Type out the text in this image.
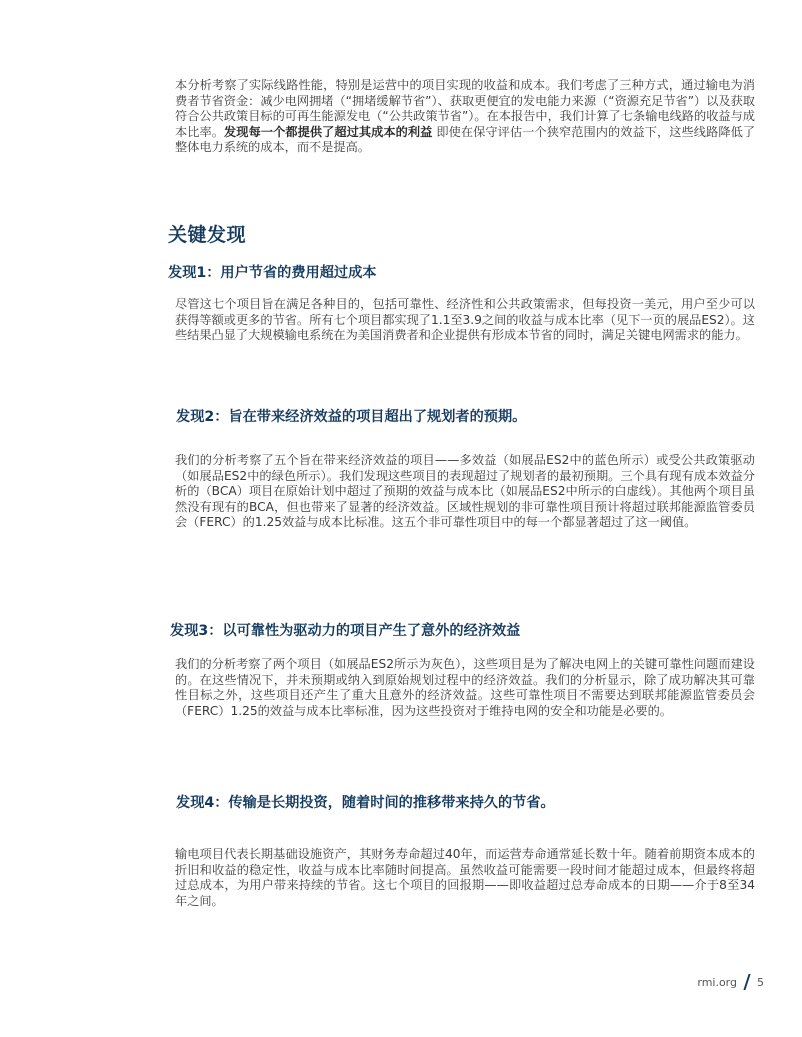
本分析考察了实际线路性能，特别是运营中的项目实现的收益和成本。我们考虑了三种方式，通过输电为消费者节省资金：减少电网拥堵（“拥堵缓解节省”）、获取更便宜的发电能力来源（“资源充足节省”）以及获取符合公共政策目标的可再生能源发电（“公共政策节省”）。在本报告中，我们计算了七条输电线路的收益与成本比率。发现每一个都提供了超过其成本的利益 即使在保守评估一个狭窄范围内的效益下，这些线路降低了整体电力系统的成本，而不是提高。

关键发现
发现1：用户节省的费用超过成本

尽管这七个项目旨在满足各种目的，包括可靠性、经济性和公共政策需求，但每投资一美元，用户至少可以获得等额或更多的节省。所有七个项目都实现了1.1至3.9之间的收益与成本比率（见下一页的展品ES2）。这些结果凸显了大规模输电系统在为美国消费者和企业提供有形成本节省的同时，满足关键电网需求的能力。

发现2：旨在带来经济效益的项目超出了规划者的预期。

我们的分析考察了五个旨在带来经济效益的项目——多效益（如展品ES2中的蓝色所示）或受公共政策驱动（如展品ES2中的绿色所示）。我们发现这些项目的表现超过了规划者的最初预期。三个具有现有成本效益分析的（BCA）项目在原始计划中超过了预期的效益与成本比（如展品ES2中所示的白虚线）。其他两个项目虽然没有现有的BCA，但也带来了显著的经济效益。区域性规划的非可靠性项目预计将超过联邦能源监管委员会（FERC）的1.25效益与成本比标准。这五个非可靠性项目中的每一个都显著超过了这一阈值。

发现3：以可靠性为驱动力的项目产生了意外的经济效益

我们的分析考察了两个项目（如展品ES2所示为灰色），这些项目是为了解决电网上的关键可靠性问题而建设的。在这些情况下，并未预期或纳入到原始规划过程中的经济效益。我们的分析显示，除了成功解决其可靠性目标之外，这些项目还产生了重大且意外的经济效益。这些可靠性项目不需要达到联邦能源监管委员会（FERC）1.25的效益与成本比率标准，因为这些投资对于维持电网的安全和功能是必要的。

发现4：传输是长期投资，随着时间的推移带来持久的节省。

输电项目代表长期基础设施资产，其财务寿命超过40年，而运营寿命通常延长数十年。随着前期资本成本的折旧和收益的稳定性，收益与成本比率随时间提高。虽然收益可能需要一段时间才能超过成本，但最终将超过总成本，为用户带来持续的节省。这七个项目的回报期——即收益超过总寿命成本的日期——介于8至34年之间。

rmi.org 5
